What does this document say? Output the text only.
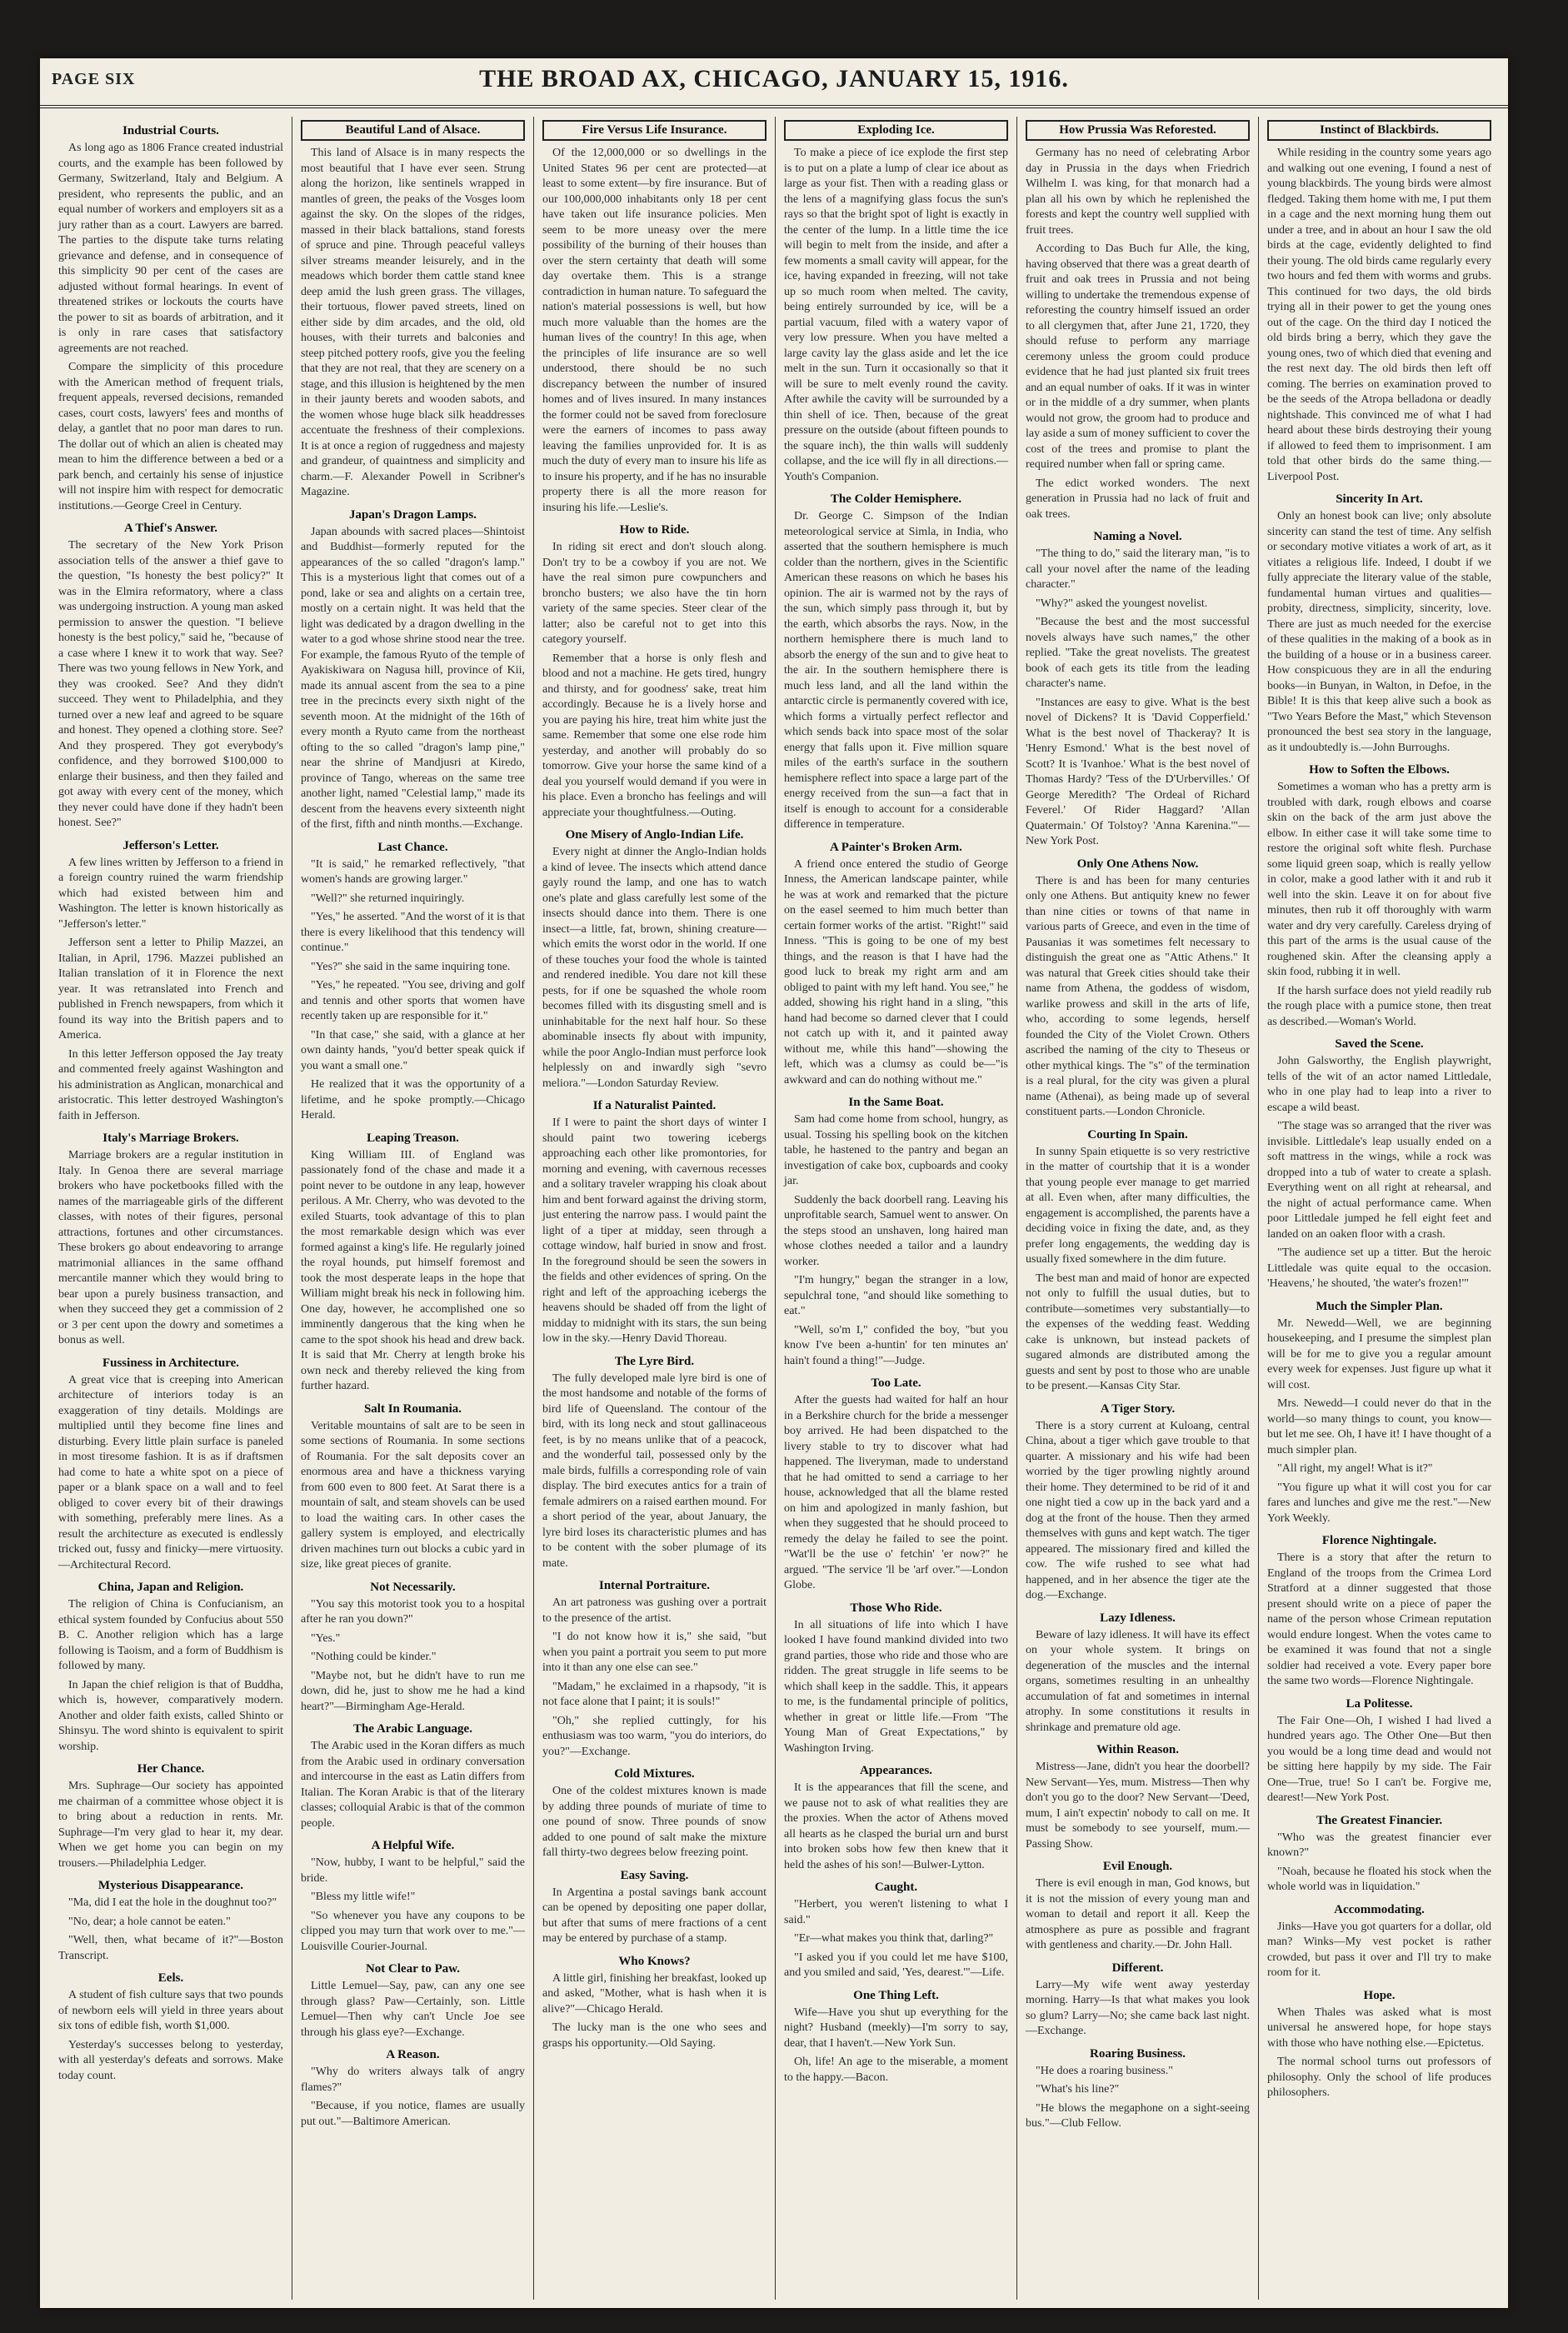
PAGE SIX	THE BROAD AX, CHICAGO, JANUARY 15, 1916.
Industrial Courts.

As long ago as 1806 France created industrial courts, and the example has been followed by Germany, Switzerland, Italy and Belgium. A president, who represents the public, and an equal number of workers and employers sit as a jury rather than as a court. Lawyers are barred. The parties to the dispute take turns relating grievance and defense, and in consequence of this simplicity 90 per cent of the cases are adjusted without formal hearings. In event of threatened strikes or lockouts the courts have the power to sit as boards of arbitration, and it is only in rare cases that satisfactory agreements are not reached.

Compare the simplicity of this procedure with the American method of frequent trials, frequent appeals, reversed decisions, remanded cases, court costs, lawyers' fees and months of delay, a gantlet that no poor man dares to run. The dollar out of which an alien is cheated may mean to him the difference between a bed or a park bench, and certainly his sense of injustice will not inspire him with respect for democratic institutions.—George Creel in Century.

A Thief's Answer.

The secretary of the New York Prison association tells of the answer a thief gave to the question, "Is honesty the best policy?" It was in the Elmira reformatory, where a class was undergoing instruction. A young man asked permission to answer the question. "I believe honesty is the best policy," said he, "because of a case where I knew it to work that way. See? There was two young fellows in New York, and they was crooked. See? And they didn't succeed. They went to Philadelphia, and they turned over a new leaf and agreed to be square and honest. They opened a clothing store. See? And they prospered. They got everybody's confidence, and they borrowed $100,000 to enlarge their business, and then they failed and got away with every cent of the money, which they never could have done if they hadn't been honest. See?"

Jefferson's Letter.

A few lines written by Jefferson to a friend in a foreign country ruined the warm friendship which had existed between him and Washington. The letter is known historically as "Jefferson's letter."

Jefferson sent a letter to Philip Mazzei, an Italian, in April, 1796. Mazzei published an Italian translation of it in Florence the next year. It was retranslated into French and published in French newspapers, from which it found its way into the British papers and to America.

In this letter Jefferson opposed the Jay treaty and commented freely against Washington and his administration as Anglican, monarchical and aristocratic. This letter destroyed Washington's faith in Jefferson.

Italy's Marriage Brokers.

Marriage brokers are a regular institution in Italy. In Genoa there are several marriage brokers who have pocketbooks filled with the names of the marriageable girls of the different classes, with notes of their figures, personal attractions, fortunes and other circumstances. These brokers go about endeavoring to arrange matrimonial alliances in the same offhand mercantile manner which they would bring to bear upon a purely business transaction, and when they succeed they get a commission of 2 or 3 per cent upon the dowry and sometimes a bonus as well.

Fussiness in Architecture.

A great vice that is creeping into American architecture of interiors today is an exaggeration of tiny details. Moldings are multiplied until they become fine lines and disturbing. Every little plain surface is paneled in most tiresome fashion. It is as if draftsmen had come to hate a white spot on a piece of paper or a blank space on a wall and to feel obliged to cover every bit of their drawings with something, preferably mere lines. As a result the architecture as executed is endlessly tricked out, fussy and finicky—mere virtuosity.—Architectural Record.

China, Japan and Religion.

The religion of China is Confucianism, an ethical system founded by Confucius about 550 B. C. Another religion which has a large following is Taoism, and a form of Buddhism is followed by many.

In Japan the chief religion is that of Buddha, which is, however, comparatively modern. Another and older faith exists, called Shinto or Shinsyu. The word shinto is equivalent to spirit worship.

Her Chance.

Mrs. Suphrage—Our society has appointed me chairman of a committee whose object it is to bring about a reduction in rents. Mr. Suphrage—I'm very glad to hear it, my dear. When we get home you can begin on my trousers.—Philadelphia Ledger.

Mysterious Disappearance.

"Ma, did I eat the hole in the doughnut too?"

"No, dear; a hole cannot be eaten."

"Well, then, what became of it?"—Boston Transcript.

Eels.

A student of fish culture says that two pounds of newborn eels will yield in three years about six tons of edible fish, worth $1,000.

Yesterday's successes belong to yesterday, with all yesterday's defeats and sorrows. Make today count.

Beautiful Land of Alsace.

This land of Alsace is in many respects the most beautiful that I have ever seen. Strung along the horizon, like sentinels wrapped in mantles of green, the peaks of the Vosges loom against the sky. On the slopes of the ridges, massed in their black battalions, stand forests of spruce and pine. Through peaceful valleys silver streams meander leisurely, and in the meadows which border them cattle stand knee deep amid the lush green grass. The villages, their tortuous, flower paved streets, lined on either side by dim arcades, and the old, old houses, with their turrets and balconies and steep pitched pottery roofs, give you the feeling that they are not real, that they are scenery on a stage, and this illusion is heightened by the men in their jaunty berets and wooden sabots, and the women whose huge black silk headdresses accentuate the freshness of their complexions. It is at once a region of ruggedness and majesty and grandeur, of quaintness and simplicity and charm.—F. Alexander Powell in Scribner's Magazine.

Japan's Dragon Lamps.

Japan abounds with sacred places—Shintoist and Buddhist—formerly reputed for the appearances of the so called "dragon's lamp." This is a mysterious light that comes out of a pond, lake or sea and alights on a certain tree, mostly on a certain night. It was held that the light was dedicated by a dragon dwelling in the water to a god whose shrine stood near the tree. For example, the famous Ryuto of the temple of Ayakiskiwara on Nagusa hill, province of Kii, made its annual ascent from the sea to a pine tree in the precincts every sixth night of the seventh moon. At the midnight of the 16th of every month a Ryuto came from the northeast ofting to the so called "dragon's lamp pine," near the shrine of Mandjusri at Kiredo, province of Tango, whereas on the same tree another light, named "Celestial lamp," made its descent from the heavens every sixteenth night of the first, fifth and ninth months.—Exchange.

Last Chance.

"It is said," he remarked reflectively, "that women's hands are growing larger."

"Well?" she returned inquiringly.

"Yes," he asserted. "And the worst of it is that there is every likelihood that this tendency will continue."

"Yes?" she said in the same inquiring tone.

"Yes," he repeated. "You see, driving and golf and tennis and other sports that women have recently taken up are responsible for it."

"In that case," she said, with a glance at her own dainty hands, "you'd better speak quick if you want a small one."

He realized that it was the opportunity of a lifetime, and he spoke promptly.—Chicago Herald.

Leaping Treason.

King William III. of England was passionately fond of the chase and made it a point never to be outdone in any leap, however perilous. A Mr. Cherry, who was devoted to the exiled Stuarts, took advantage of this to plan the most remarkable design which was ever formed against a king's life. He regularly joined the royal hounds, put himself foremost and took the most desperate leaps in the hope that William might break his neck in following him. One day, however, he accomplished one so imminently dangerous that the king when he came to the spot shook his head and drew back. It is said that Mr. Cherry at length broke his own neck and thereby relieved the king from further hazard.

Salt In Roumania.

Veritable mountains of salt are to be seen in some sections of Roumania. In some sections of Roumania. For the salt deposits cover an enormous area and have a thickness varying from 600 even to 800 feet. At Sarat there is a mountain of salt, and steam shovels can be used to load the waiting cars. In other cases the gallery system is employed, and electrically driven machines turn out blocks a cubic yard in size, like great pieces of granite.

Not Necessarily.

"You say this motorist took you to a hospital after he ran you down?"

"Yes."

"Nothing could be kinder."

"Maybe not, but he didn't have to run me down, did he, just to show me he had a kind heart?"—Birmingham Age-Herald.

The Arabic Language.

The Arabic used in the Koran differs as much from the Arabic used in ordinary conversation and intercourse in the east as Latin differs from Italian. The Koran Arabic is that of the literary classes; colloquial Arabic is that of the common people.

A Helpful Wife.

"Now, hubby, I want to be helpful," said the bride.

"Bless my little wife!"

"So whenever you have any coupons to be clipped you may turn that work over to me."—Louisville Courier-Journal.

Not Clear to Paw.

Little Lemuel—Say, paw, can any one see through glass? Paw—Certainly, son. Little Lemuel—Then why can't Uncle Joe see through his glass eye?—Exchange.

A Reason.

"Why do writers always talk of angry flames?"

"Because, if you notice, flames are usually put out."—Baltimore American.

Fire Versus Life Insurance.

Of the 12,000,000 or so dwellings in the United States 96 per cent are protected—at least to some extent—by fire insurance. But of our 100,000,000 inhabitants only 18 per cent have taken out life insurance policies. Men seem to be more uneasy over the mere possibility of the burning of their houses than over the stern certainty that death will some day overtake them. This is a strange contradiction in human nature. To safeguard the nation's material possessions is well, but how much more valuable than the homes are the human lives of the country! In this age, when the principles of life insurance are so well understood, there should be no such discrepancy between the number of insured homes and of lives insured. In many instances the former could not be saved from foreclosure were the earners of incomes to pass away leaving the families unprovided for. It is as much the duty of every man to insure his life as to insure his property, and if he has no insurable property there is all the more reason for insuring his life.—Leslie's.

How to Ride.

In riding sit erect and don't slouch along. Don't try to be a cowboy if you are not. We have the real simon pure cowpunchers and broncho busters; we also have the tin horn variety of the same species. Steer clear of the latter; also be careful not to get into this category yourself.

Remember that a horse is only flesh and blood and not a machine. He gets tired, hungry and thirsty, and for goodness' sake, treat him accordingly. Because he is a lively horse and you are paying his hire, treat him white just the same. Remember that some one else rode him yesterday, and another will probably do so tomorrow. Give your horse the same kind of a deal you yourself would demand if you were in his place. Even a broncho has feelings and will appreciate your thoughtfulness.—Outing.

One Misery of Anglo-Indian Life.

Every night at dinner the Anglo-Indian holds a kind of levee. The insects which attend dance gayly round the lamp, and one has to watch one's plate and glass carefully lest some of the insects should dance into them. There is one insect—a little, fat, brown, shining creature—which emits the worst odor in the world. If one of these touches your food the whole is tainted and rendered inedible. You dare not kill these pests, for if one be squashed the whole room becomes filled with its disgusting smell and is uninhabitable for the next half hour. So these abominable insects fly about with impunity, while the poor Anglo-Indian must perforce look helplessly on and inwardly sigh "sevro meliora."—London Saturday Review.

If a Naturalist Painted.

If I were to paint the short days of winter I should paint two towering icebergs approaching each other like promontories, for morning and evening, with cavernous recesses and a solitary traveler wrapping his cloak about him and bent forward against the driving storm, just entering the narrow pass. I would paint the light of a tiper at midday, seen through a cottage window, half buried in snow and frost. In the foreground should be seen the sowers in the fields and other evidences of spring. On the right and left of the approaching icebergs the heavens should be shaded off from the light of midday to midnight with its stars, the sun being low in the sky.—Henry David Thoreau.

The Lyre Bird.

The fully developed male lyre bird is one of the most handsome and notable of the forms of bird life of Queensland. The contour of the bird, with its long neck and stout gallinaceous feet, is by no means unlike that of a peacock, and the wonderful tail, possessed only by the male birds, fulfills a corresponding role of vain display. The bird executes antics for a train of female admirers on a raised earthen mound. For a short period of the year, about January, the lyre bird loses its characteristic plumes and has to be content with the sober plumage of its mate.

Internal Portraiture.

An art patroness was gushing over a portrait to the presence of the artist.

"I do not know how it is," she said, "but when you paint a portrait you seem to put more into it than any one else can see."

"Madam," he exclaimed in a rhapsody, "it is not face alone that I paint; it is souls!"

"Oh," she replied cuttingly, for his enthusiasm was too warm, "you do interiors, do you?"—Exchange.

Cold Mixtures.

One of the coldest mixtures known is made by adding three pounds of muriate of time to one pound of snow. Three pounds of snow added to one pound of salt make the mixture fall thirty-two degrees below freezing point.

Easy Saving.

In Argentina a postal savings bank account can be opened by depositing one paper dollar, but after that sums of mere fractions of a cent may be entered by purchase of a stamp.

Who Knows?

A little girl, finishing her breakfast, looked up and asked, "Mother, what is hash when it is alive?"—Chicago Herald.

The lucky man is the one who sees and grasps his opportunity.—Old Saying.

Exploding Ice.

To make a piece of ice explode the first step is to put on a plate a lump of clear ice about as large as your fist. Then with a reading glass or the lens of a magnifying glass focus the sun's rays so that the bright spot of light is exactly in the center of the lump. In a little time the ice will begin to melt from the inside, and after a few moments a small cavity will appear, for the ice, having expanded in freezing, will not take up so much room when melted. The cavity, being entirely surrounded by ice, will be a partial vacuum, filed with a watery vapor of very low pressure. When you have melted a large cavity lay the glass aside and let the ice melt in the sun. Turn it occasionally so that it will be sure to melt evenly round the cavity. After awhile the cavity will be surrounded by a thin shell of ice. Then, because of the great pressure on the outside (about fifteen pounds to the square inch), the thin walls will suddenly collapse, and the ice will fly in all directions.—Youth's Companion.

The Colder Hemisphere.

Dr. George C. Simpson of the Indian meteorological service at Simla, in India, who asserted that the southern hemisphere is much colder than the northern, gives in the Scientific American these reasons on which he bases his opinion. The air is warmed not by the rays of the sun, which simply pass through it, but by the earth, which absorbs the rays. Now, in the northern hemisphere there is much land to absorb the energy of the sun and to give heat to the air. In the southern hemisphere there is much less land, and all the land within the antarctic circle is permanently covered with ice, which forms a virtually perfect reflector and which sends back into space most of the solar energy that falls upon it. Five million square miles of the earth's surface in the southern hemisphere reflect into space a large part of the energy received from the sun—a fact that in itself is enough to account for a considerable difference in temperature.

A Painter's Broken Arm.

A friend once entered the studio of George Inness, the American landscape painter, while he was at work and remarked that the picture on the easel seemed to him much better than certain former works of the artist. "Right!" said Inness. "This is going to be one of my best things, and the reason is that I have had the good luck to break my right arm and am obliged to paint with my left hand. You see," he added, showing his right hand in a sling, "this hand had become so darned clever that I could not catch up with it, and it painted away without me, while this hand"—showing the left, which was a clumsy as could be—"is awkward and can do nothing without me."

In the Same Boat.

Sam had come home from school, hungry, as usual. Tossing his spelling book on the kitchen table, he hastened to the pantry and began an investigation of cake box, cupboards and cooky jar.

Suddenly the back doorbell rang. Leaving his unprofitable search, Samuel went to answer. On the steps stood an unshaven, long haired man whose clothes needed a tailor and a laundry worker.

"I'm hungry," began the stranger in a low, sepulchral tone, "and should like something to eat."

"Well, so'm I," confided the boy, "but you know I've been a-huntin' for ten minutes an' hain't found a thing!"—Judge.

Too Late.

After the guests had waited for half an hour in a Berkshire church for the bride a messenger boy arrived. He had been dispatched to the livery stable to try to discover what had happened. The liveryman, made to understand that he had omitted to send a carriage to her house, acknowledged that all the blame rested on him and apologized in manly fashion, but when they suggested that he should proceed to remedy the delay he failed to see the point. "Wat'll be the use o' fetchin' 'er now?" he argued. "The service 'll be 'arf over."—London Globe.

Those Who Ride.

In all situations of life into which I have looked I have found mankind divided into two grand parties, those who ride and those who are ridden. The great struggle in life seems to be which shall keep in the saddle. This, it appears to me, is the fundamental principle of politics, whether in great or little life.—From "The Young Man of Great Expectations," by Washington Irving.

Appearances.

It is the appearances that fill the scene, and we pause not to ask of what realities they are the proxies. When the actor of Athens moved all hearts as he clasped the burial urn and burst into broken sobs how few then knew that it held the ashes of his son!—Bulwer-Lytton.

Caught.

"Herbert, you weren't listening to what I said."

"Er—what makes you think that, darling?"

"I asked you if you could let me have $100, and you smiled and said, 'Yes, dearest.'"—Life.

One Thing Left.

Wife—Have you shut up everything for the night? Husband (meekly)—I'm sorry to say, dear, that I haven't.—New York Sun.

Oh, life! An age to the miserable, a moment to the happy.—Bacon.

How Prussia Was Reforested.

Germany has no need of celebrating Arbor day in Prussia in the days when Friedrich Wilhelm I. was king, for that monarch had a plan all his own by which he replenished the forests and kept the country well supplied with fruit trees.

According to Das Buch fur Alle, the king, having observed that there was a great dearth of fruit and oak trees in Prussia and not being willing to undertake the tremendous expense of reforesting the country himself issued an order to all clergymen that, after June 21, 1720, they should refuse to perform any marriage ceremony unless the groom could produce evidence that he had just planted six fruit trees and an equal number of oaks. If it was in winter or in the middle of a dry summer, when plants would not grow, the groom had to produce and lay aside a sum of money sufficient to cover the cost of the trees and promise to plant the required number when fall or spring came.

The edict worked wonders. The next generation in Prussia had no lack of fruit and oak trees.

Naming a Novel.

"The thing to do," said the literary man, "is to call your novel after the name of the leading character."

"Why?" asked the youngest novelist.

"Because the best and the most successful novels always have such names," the other replied. "Take the great novelists. The greatest book of each gets its title from the leading character's name.

"Instances are easy to give. What is the best novel of Dickens? It is 'David Copperfield.' What is the best novel of Thackeray? It is 'Henry Esmond.' What is the best novel of Scott? It is 'Ivanhoe.' What is the best novel of Thomas Hardy? 'Tess of the D'Urbervilles.' Of George Meredith? 'The Ordeal of Richard Feverel.' Of Rider Haggard? 'Allan Quatermain.' Of Tolstoy? 'Anna Karenina.'"—New York Post.

Only One Athens Now.

There is and has been for many centuries only one Athens. But antiquity knew no fewer than nine cities or towns of that name in various parts of Greece, and even in the time of Pausanias it was sometimes felt necessary to distinguish the great one as "Attic Athens." It was natural that Greek cities should take their name from Athena, the goddess of wisdom, warlike prowess and skill in the arts of life, who, according to some legends, herself founded the City of the Violet Crown. Others ascribed the naming of the city to Theseus or other mythical kings. The "s" of the termination is a real plural, for the city was given a plural name (Athenai), as being made up of several constituent parts.—London Chronicle.

Courting In Spain.

In sunny Spain etiquette is so very restrictive in the matter of courtship that it is a wonder that young people ever manage to get married at all. Even when, after many difficulties, the engagement is accomplished, the parents have a deciding voice in fixing the date, and, as they prefer long engagements, the wedding day is usually fixed somewhere in the dim future.

The best man and maid of honor are expected not only to fulfill the usual duties, but to contribute—sometimes very substantially—to the expenses of the wedding feast. Wedding cake is unknown, but instead packets of sugared almonds are distributed among the guests and sent by post to those who are unable to be present.—Kansas City Star.

A Tiger Story.

There is a story current at Kuloang, central China, about a tiger which gave trouble to that quarter. A missionary and his wife had been worried by the tiger prowling nightly around their home. They determined to be rid of it and one night tied a cow up in the back yard and a dog at the front of the house. Then they armed themselves with guns and kept watch. The tiger appeared. The missionary fired and killed the cow. The wife rushed to see what had happened, and in her absence the tiger ate the dog.—Exchange.

Lazy Idleness.

Beware of lazy idleness. It will have its effect on your whole system. It brings on degeneration of the muscles and the internal organs, sometimes resulting in an unhealthy accumulation of fat and sometimes in internal atrophy. In some constitutions it results in shrinkage and premature old age.

Within Reason.

Mistress—Jane, didn't you hear the doorbell? New Servant—Yes, mum. Mistress—Then why don't you go to the door? New Servant—'Deed, mum, I ain't expectin' nobody to call on me. It must be somebody to see yourself, mum.—Passing Show.

Evil Enough.

There is evil enough in man, God knows, but it is not the mission of every young man and woman to detail and report it all. Keep the atmosphere as pure as possible and fragrant with gentleness and charity.—Dr. John Hall.

Different.

Larry—My wife went away yesterday morning. Harry—Is that what makes you look so glum? Larry—No; she came back last night.—Exchange.

Roaring Business.

"He does a roaring business."

"What's his line?"

"He blows the megaphone on a sight-seeing bus."—Club Fellow.

Instinct of Blackbirds.

While residing in the country some years ago and walking out one evening, I found a nest of young blackbirds. The young birds were almost fledged. Taking them home with me, I put them in a cage and the next morning hung them out under a tree, and in about an hour I saw the old birds at the cage, evidently delighted to find their young. The old birds came regularly every two hours and fed them with worms and grubs. This continued for two days, the old birds trying all in their power to get the young ones out of the cage. On the third day I noticed the old birds bring a berry, which they gave the young ones, two of which died that evening and the rest next day. The old birds then left off coming. The berries on examination proved to be the seeds of the Atropa belladona or deadly nightshade. This convinced me of what I had heard about these birds destroying their young if allowed to feed them to imprisonment. I am told that other birds do the same thing.—Liverpool Post.

Sincerity In Art.

Only an honest book can live; only absolute sincerity can stand the test of time. Any selfish or secondary motive vitiates a work of art, as it vitiates a religious life. Indeed, I doubt if we fully appreciate the literary value of the stable, fundamental human virtues and qualities—probity, directness, simplicity, sincerity, love. There are just as much needed for the exercise of these qualities in the making of a book as in the building of a house or in a business career. How conspicuous they are in all the enduring books—in Bunyan, in Walton, in Defoe, in the Bible! It is this that keep alive such a book as "Two Years Before the Mast," which Stevenson pronounced the best sea story in the language, as it undoubtedly is.—John Burroughs.

How to Soften the Elbows.

Sometimes a woman who has a pretty arm is troubled with dark, rough elbows and coarse skin on the back of the arm just above the elbow. In either case it will take some time to restore the original soft white flesh. Purchase some liquid green soap, which is really yellow in color, make a good lather with it and rub it well into the skin. Leave it on for about five minutes, then rub it off thoroughly with warm water and dry very carefully. Careless drying of this part of the arms is the usual cause of the roughened skin. After the cleansing apply a skin food, rubbing it in well.

If the harsh surface does not yield readily rub the rough place with a pumice stone, then treat as described.—Woman's World.

Saved the Scene.

John Galsworthy, the English playwright, tells of the wit of an actor named Littledale, who in one play had to leap into a river to escape a wild beast.

"The stage was so arranged that the river was invisible. Littledale's leap usually ended on a soft mattress in the wings, while a rock was dropped into a tub of water to create a splash. Everything went on all right at rehearsal, and the night of actual performance came. When poor Littledale jumped he fell eight feet and landed on an oaken floor with a crash.

"The audience set up a titter. But the heroic Littledale was quite equal to the occasion. 'Heavens,' he shouted, 'the water's frozen!'"

Much the Simpler Plan.

Mr. Newedd—Well, we are beginning housekeeping, and I presume the simplest plan will be for me to give you a regular amount every week for expenses. Just figure up what it will cost.

Mrs. Newedd—I could never do that in the world—so many things to count, you know—but let me see. Oh, I have it! I have thought of a much simpler plan.

"All right, my angel! What is it?"

"You figure up what it will cost you for car fares and lunches and give me the rest."—New York Weekly.

Florence Nightingale.

There is a story that after the return to England of the troops from the Crimea Lord Stratford at a dinner suggested that those present should write on a piece of paper the name of the person whose Crimean reputation would endure longest. When the votes came to be examined it was found that not a single soldier had received a vote. Every paper bore the same two words—Florence Nightingale.

La Politesse.

The Fair One—Oh, I wished I had lived a hundred years ago. The Other One—But then you would be a long time dead and would not be sitting here happily by my side. The Fair One—True, true! So I can't be. Forgive me, dearest!—New York Post.

The Greatest Financier.

"Who was the greatest financier ever known?"

"Noah, because he floated his stock when the whole world was in liquidation."

Accommodating.

Jinks—Have you got quarters for a dollar, old man? Winks—My vest pocket is rather crowded, but pass it over and I'll try to make room for it.

Hope.

When Thales was asked what is most universal he answered hope, for hope stays with those who have nothing else.—Epictetus.

The normal school turns out professors of philosophy. Only the school of life produces philosophers.
